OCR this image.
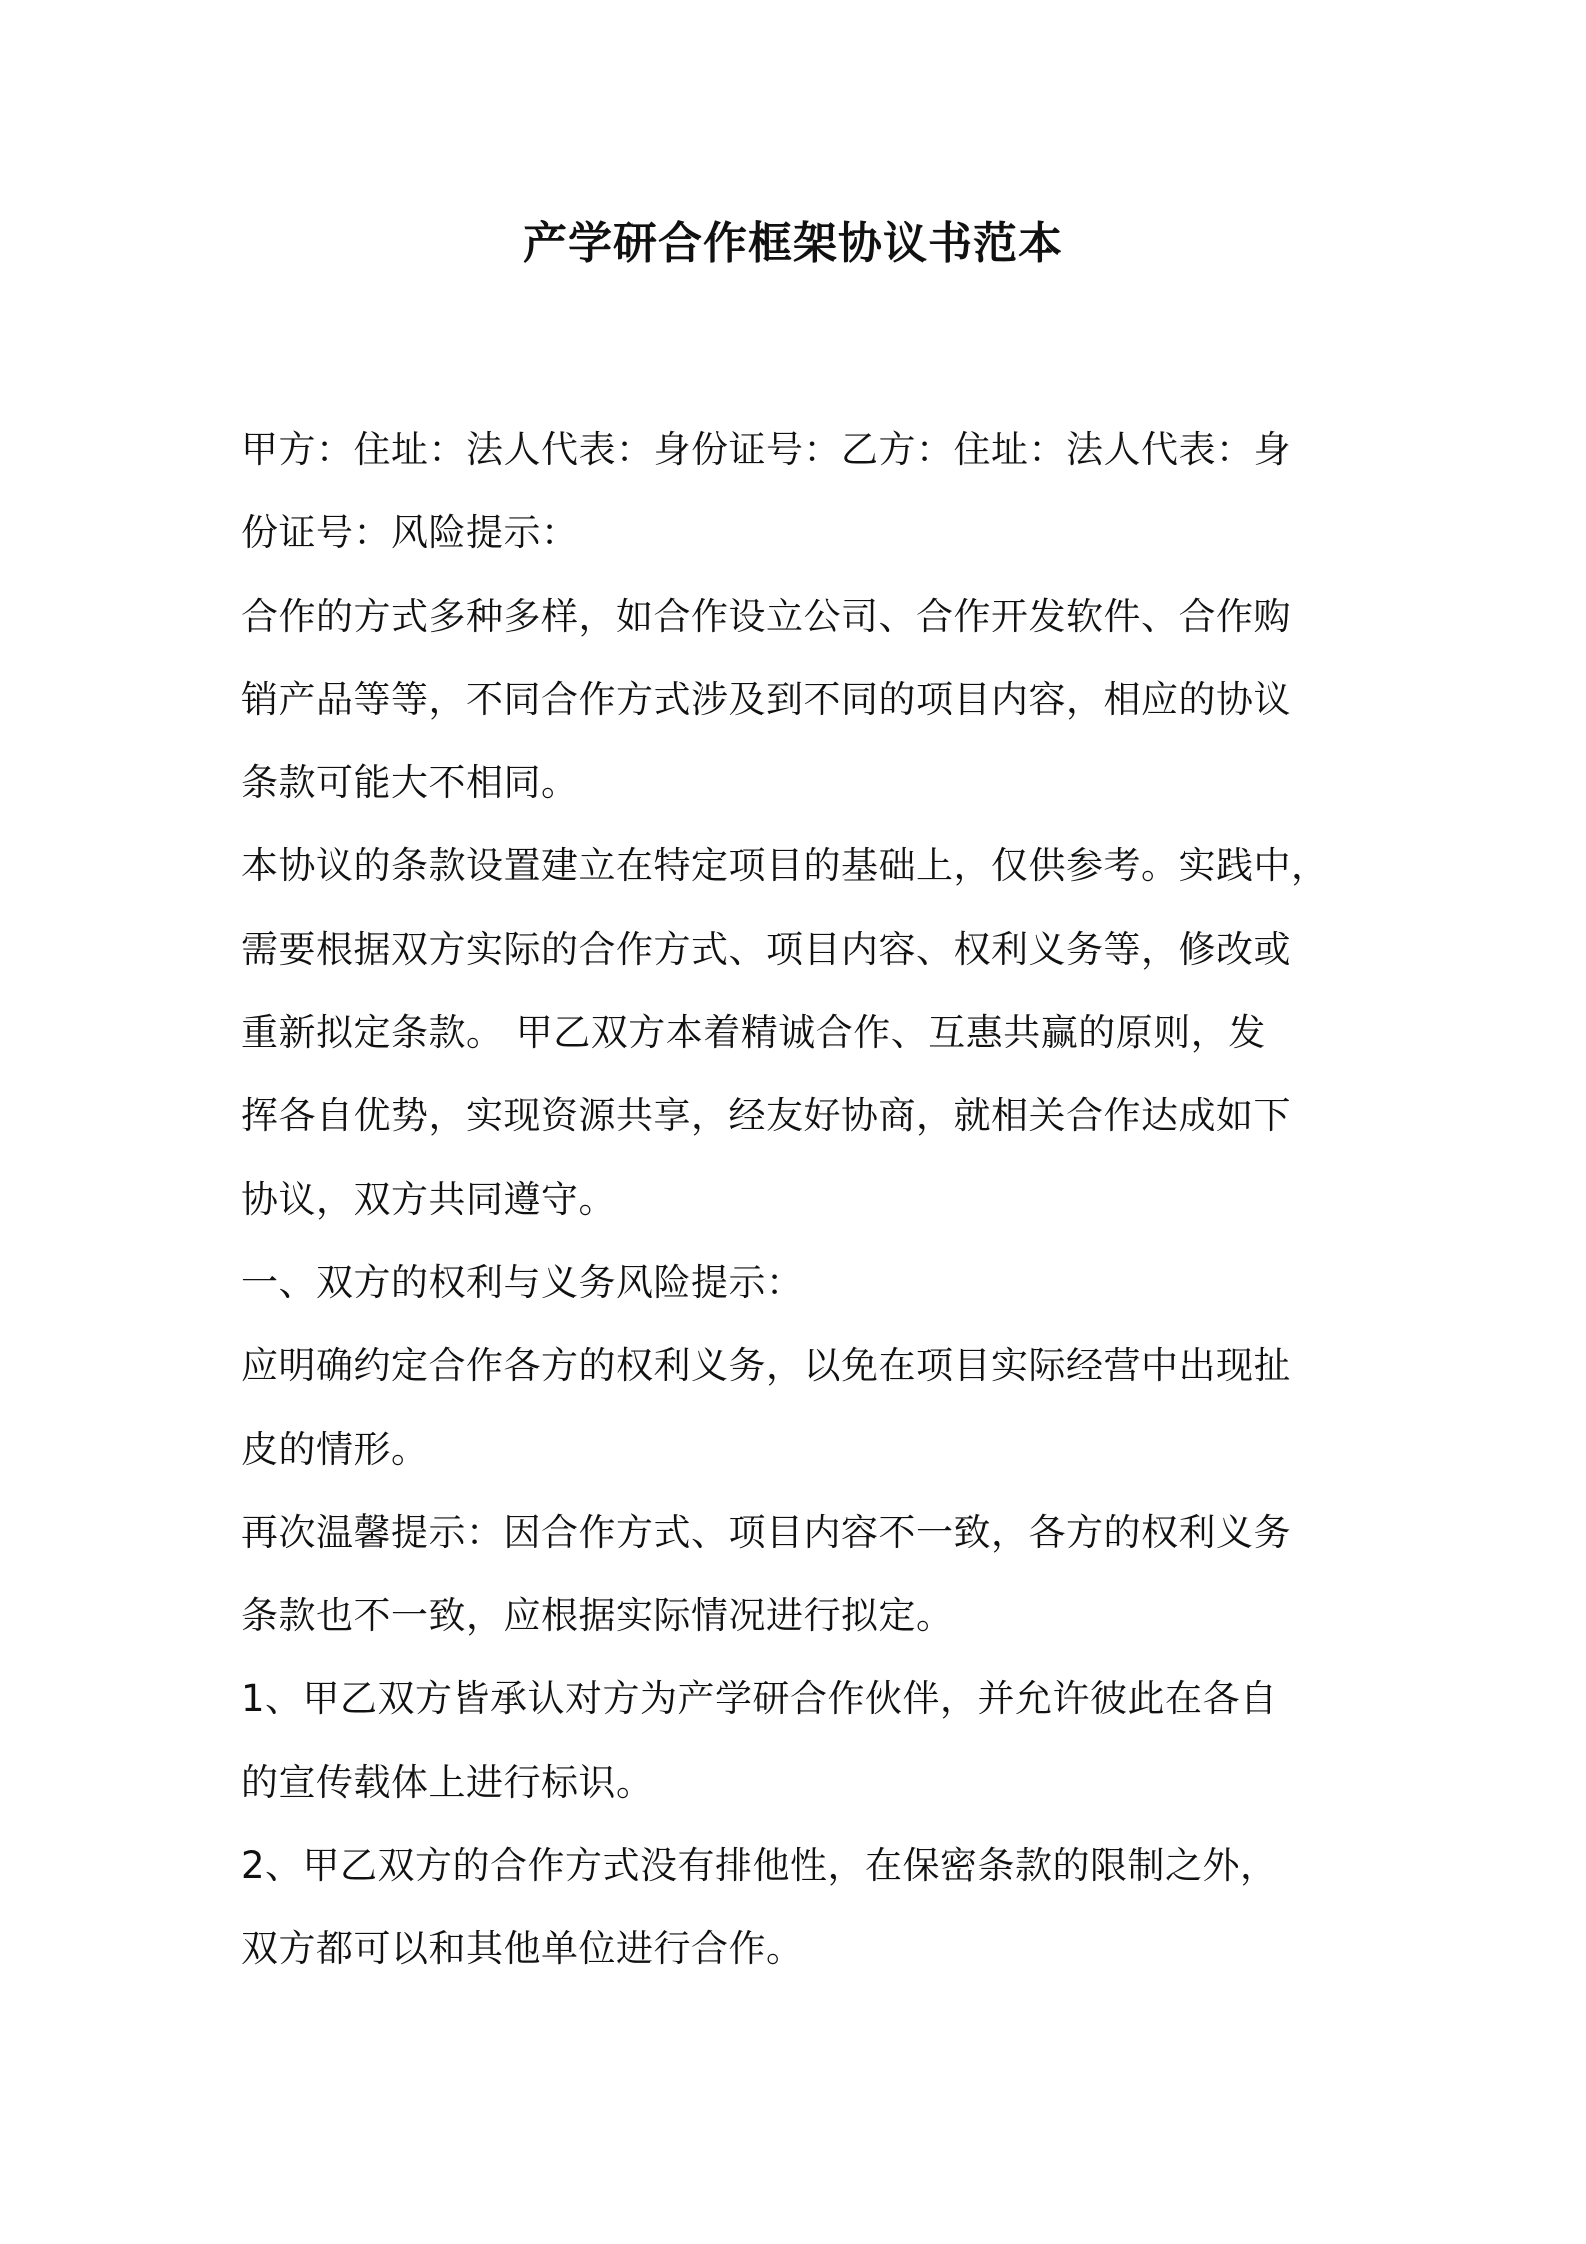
产学研合作框架协议书范本
甲方：住址：法人代表：身份证号：乙方：住址：法人代表：身
份证号：风险提示：
合作的方式多种多样，如合作设立公司、合作开发软件、合作购
销产品等等，不同合作方式涉及到不同的项目内容，相应的协议
条款可能大不相同。
本协议的条款设置建立在特定项目的基础上，仅供参考。实践中，
需要根据双方实际的合作方式、项目内容、权利义务等，修改或
重新拟定条款。 甲乙双方本着精诚合作、互惠共赢的原则，发
挥各自优势，实现资源共享，经友好协商，就相关合作达成如下
协议，双方共同遵守。
一、双方的权利与义务风险提示：
应明确约定合作各方的权利义务，以免在项目实际经营中出现扯
皮的情形。
再次温馨提示：因合作方式、项目内容不一致，各方的权利义务
条款也不一致，应根据实际情况进行拟定。
1、甲乙双方皆承认对方为产学研合作伙伴，并允许彼此在各自
的宣传载体上进行标识。
2、甲乙双方的合作方式没有排他性，在保密条款的限制之外，
双方都可以和其他单位进行合作。
